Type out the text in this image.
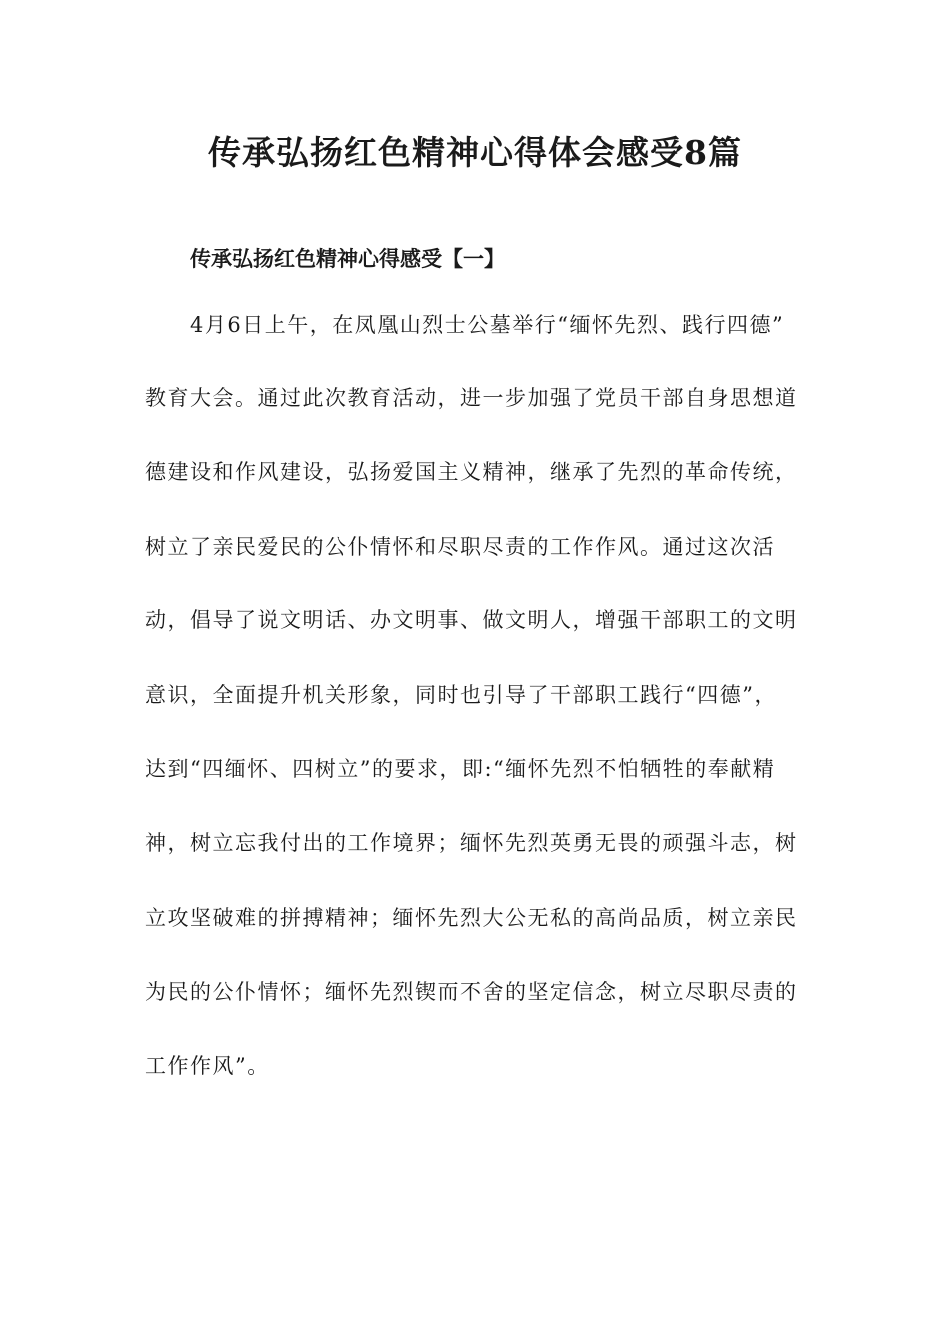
传承弘扬红色精神心得体会感受8篇
传承弘扬红色精神心得感受【一】

4月6日上午，在凤凰山烈士公墓举行“缅怀先烈、践行四德”

教育大会。通过此次教育活动，进一步加强了党员干部自身思想道

德建设和作风建设，弘扬爱国主义精神，继承了先烈的革命传统，

树立了亲民爱民的公仆情怀和尽职尽责的工作作风。通过这次活

动，倡导了说文明话、办文明事、做文明人，增强干部职工的文明

意识，全面提升机关形象，同时也引导了干部职工践行“四德”，

达到“四缅怀、四树立”的要求，即:“缅怀先烈不怕牺牲的奉献精

神，树立忘我付出的工作境界；缅怀先烈英勇无畏的顽强斗志，树

立攻坚破难的拼搏精神；缅怀先烈大公无私的高尚品质，树立亲民

为民的公仆情怀；缅怀先烈锲而不舍的坚定信念，树立尽职尽责的

工作作风”。
